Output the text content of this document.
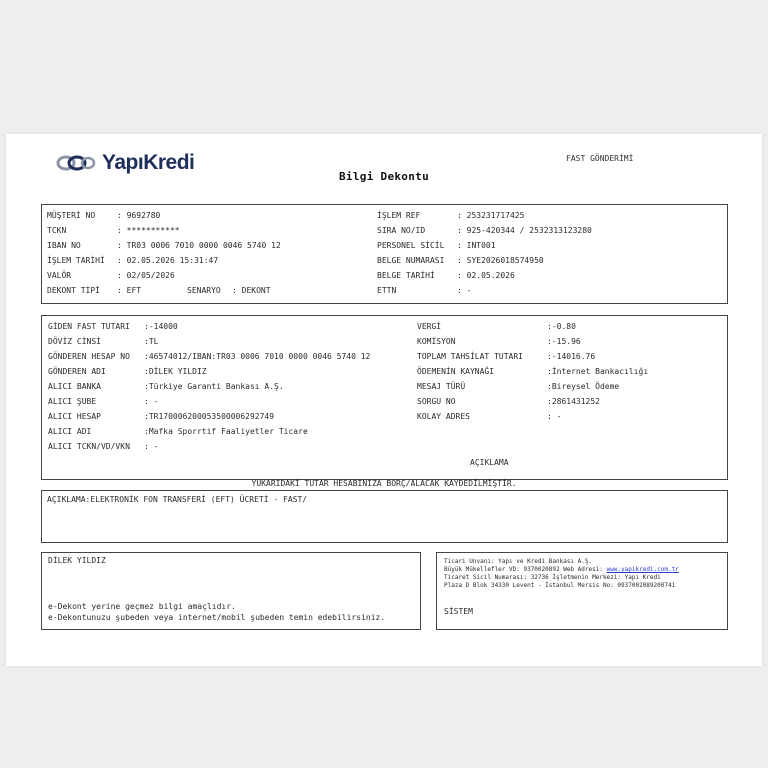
YapıKredi	FAST GÖNDERİMİ
Bilgi Dekontu
MÜŞTERİ NO	: 9692780
TCKN	: ***********
IBAN NO	: TR03 0006 7010 0000 0046 5740 12
İŞLEM TARİHİ : 02.05.2026 15:31:47
VALÖR	: 02/05/2026
DEKONT TİPİ : EFT	SENARYO : DEKONT
İŞLEM REF	: 253231717425
SIRA NO/ID	: 925-420344 / 2532313123280
PERSONEL SİCİL : INT001
BELGE NUMARASI : SYE2026018574950
BELGE TARİHİ	: 02.05.2026
ETTN	: -
GİDEN FAST TUTARI :-14000
DÖVİZ CİNSİ	:TL
GÖNDEREN HESAP NO :46574012/IBAN:TR03 0006 7010 0000 0046 5740 12
GÖNDEREN ADI	:DİLEK YILDIZ
ALICI BANKA	:Türkiye Garanti Bankası A.Ş.
ALICI ŞUBE	: -
ALICI HESAP	:TR170006200053500006292749
ALICI ADI	:Mafka Sporrtif Faaliyetler Ticare
ALICI TCKN/VD/VKN : -
VERGİ	:-0.80
KOMİSYON	:-15.96
TOPLAM TAHSİLAT TUTARI	:-14016.76
ÖDEMENİN KAYNAĞI	:İnternet Bankacılığı
MESAJ TÜRÜ	:Bireysel Ödeme
SORGU NO	:2861431252
KOLAY ADRES	: -
AÇIKLAMA
YUKARIDAKİ TUTAR HESABINIZA BORÇ/ALACAK KAYDEDİLMİŞTİR.
AÇIKLAMA:ELEKTRONİK FON TRANSFERİ (EFT) ÜCRETİ - FAST/
DİLEK YILDIZ
e-Dekont yerine geçmez bilgi amaçlıdır.
e-Dekontunuzu şubeden veya internet/mobil şubeden temin edebilirsiniz.
Ticari Unvanı: Yapı ve Kredi Bankası A.Ş.
Büyük Mükellefler VD: 9370020892 Web Adresi: www.yapikredi.com.tr
Ticaret Sicil Numarası: 32736 İşletmenin Merkezi: Yapı Kredi
Plaza D Blok 34330 Levent - İstanbul Mersis No: 0937002089200741
SİSTEM
